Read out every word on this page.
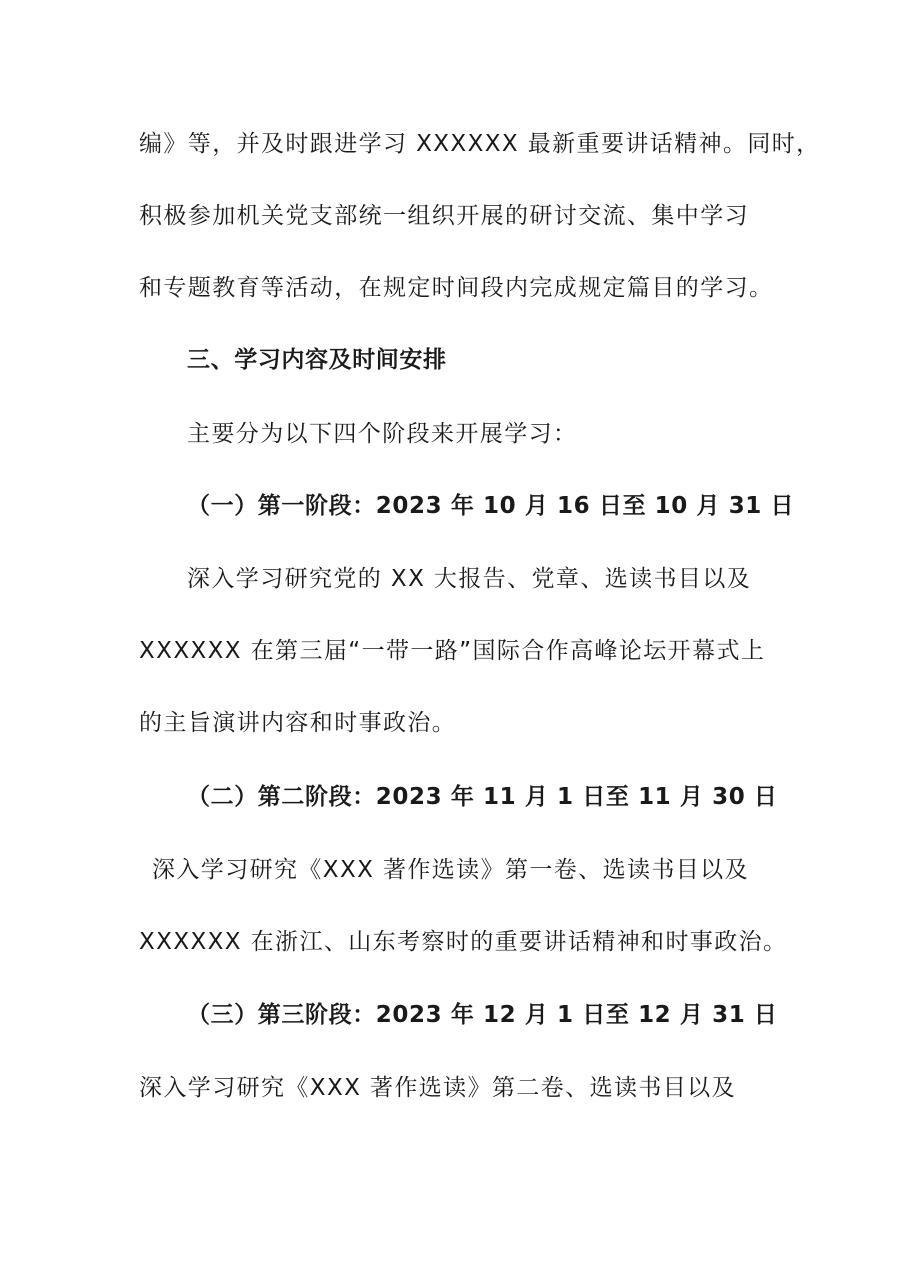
编》等，并及时跟进学习 XXXXXX 最新重要讲话精神。同时，
积极参加机关党支部统一组织开展的研讨交流、集中学习
和专题教育等活动，在规定时间段内完成规定篇目的学习。
三、学习内容及时间安排
主要分为以下四个阶段来开展学习：
（一）第一阶段：2023 年 10 月 16 日至 10 月 31 日
深入学习研究党的 XX 大报告、党章、选读书目以及
XXXXXX 在第三届“一带一路”国际合作高峰论坛开幕式上
的主旨演讲内容和时事政治。
（二）第二阶段：2023 年 11 月 1 日至 11 月 30 日
深入学习研究《XXX 著作选读》第一卷、选读书目以及
XXXXXX 在浙江、山东考察时的重要讲话精神和时事政治。
（三）第三阶段：2023 年 12 月 1 日至 12 月 31 日
深入学习研究《XXX 著作选读》第二卷、选读书目以及
